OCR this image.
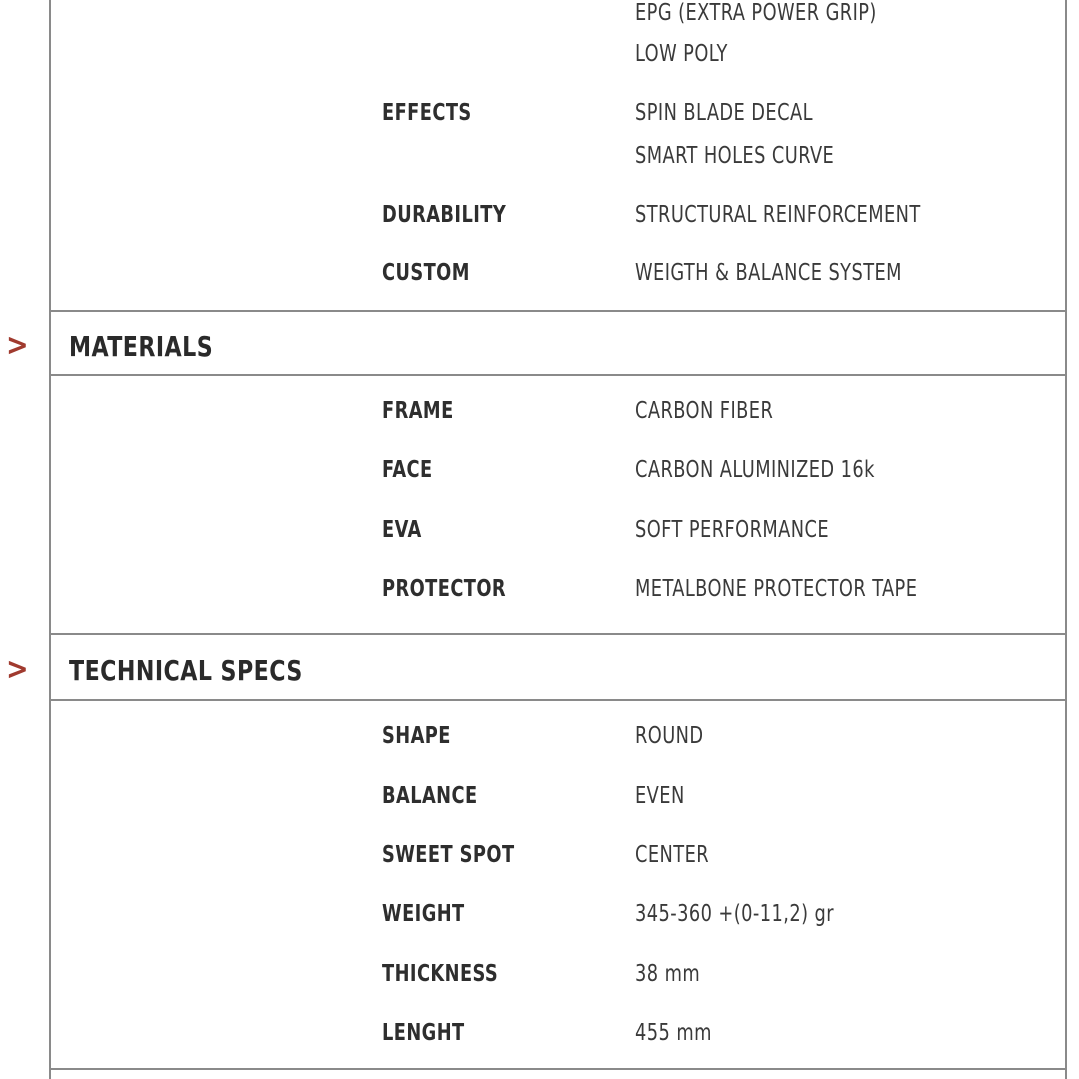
EPG (EXTRA POWER GRIP)
LOW POLY
EFFECTS	SPIN BLADE DECAL
SMART HOLES CURVE
DURABILITY	STRUCTURAL REINFORCEMENT
CUSTOM	WEIGTH & BALANCE SYSTEM
> MATERIALS
FRAME	CARBON FIBER
FACE	CARBON ALUMINIZED 16k
EVA	SOFT PERFORMANCE
PROTECTOR	METALBONE PROTECTOR TAPE
> TECHNICAL SPECS
SHAPE	ROUND
BALANCE	EVEN
SWEET SPOT	CENTER
WEIGHT	345-360 +(0-11,2) gr
THICKNESS	38 mm
LENGHT	455 mm
